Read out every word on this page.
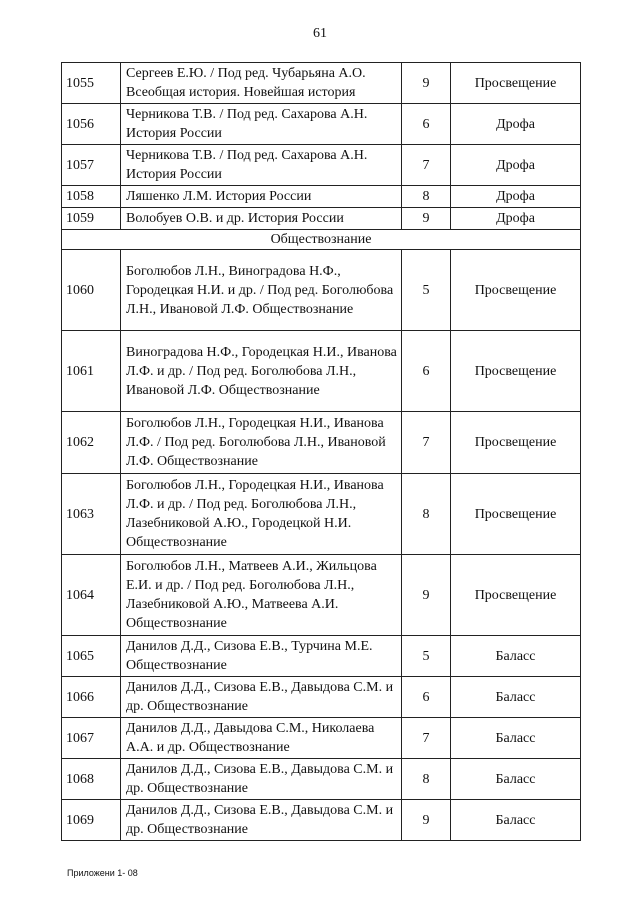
61
1055	Сергеев Е.Ю. / Под ред. Чубарьяна А.О. Всеобщая история. Новейшая история	9	Просвещение
1056	Черникова Т.В. / Под ред. Сахарова А.Н. История России	6	Дрофа
1057	Черникова Т.В. / Под ред. Сахарова А.Н. История России	7	Дрофа
1058	Ляшенко Л.М. История России	8	Дрофа
1059	Волобуев О.В. и др. История России	9	Дрофа
Обществознание			
1060	Боголюбов Л.Н., Виноградова Н.Ф., Городецкая Н.И. и др. / Под ред. Боголюбова Л.Н., Ивановой Л.Ф. Обществознание	5	Просвещение
1061	Виноградова Н.Ф., Городецкая Н.И., Иванова Л.Ф. и др. / Под ред. Боголюбова Л.Н., Ивановой Л.Ф. Обществознание	6	Просвещение
1062	Боголюбов Л.Н., Городецкая Н.И., Иванова Л.Ф. / Под ред. Боголюбова Л.Н., Ивановой Л.Ф. Обществознание	7	Просвещение
1063	Боголюбов Л.Н., Городецкая Н.И., Иванова Л.Ф. и др. / Под ред. Боголюбова Л.Н., Лазебниковой А.Ю., Городецкой Н.И. Обществознание	8	Просвещение
1064	Боголюбов Л.Н., Матвеев А.И., Жильцова Е.И. и др. / Под ред. Боголюбова Л.Н., Лазебниковой А.Ю., Матвеева А.И. Обществознание	9	Просвещение
1065	Данилов Д.Д., Сизова Е.В., Турчина М.Е. Обществознание	5	Баласс
1066	Данилов Д.Д., Сизова Е.В., Давыдова С.М. и др. Обществознание	6	Баласс
1067	Данилов Д.Д., Давыдова С.М., Николаева А.А. и др. Обществознание	7	Баласс
1068	Данилов Д.Д., Сизова Е.В., Давыдова С.М. и др. Обществознание	8	Баласс
1069	Данилов Д.Д., Сизова Е.В., Давыдова С.М. и др. Обществознание	9	Баласс
Приложени 1- 08
